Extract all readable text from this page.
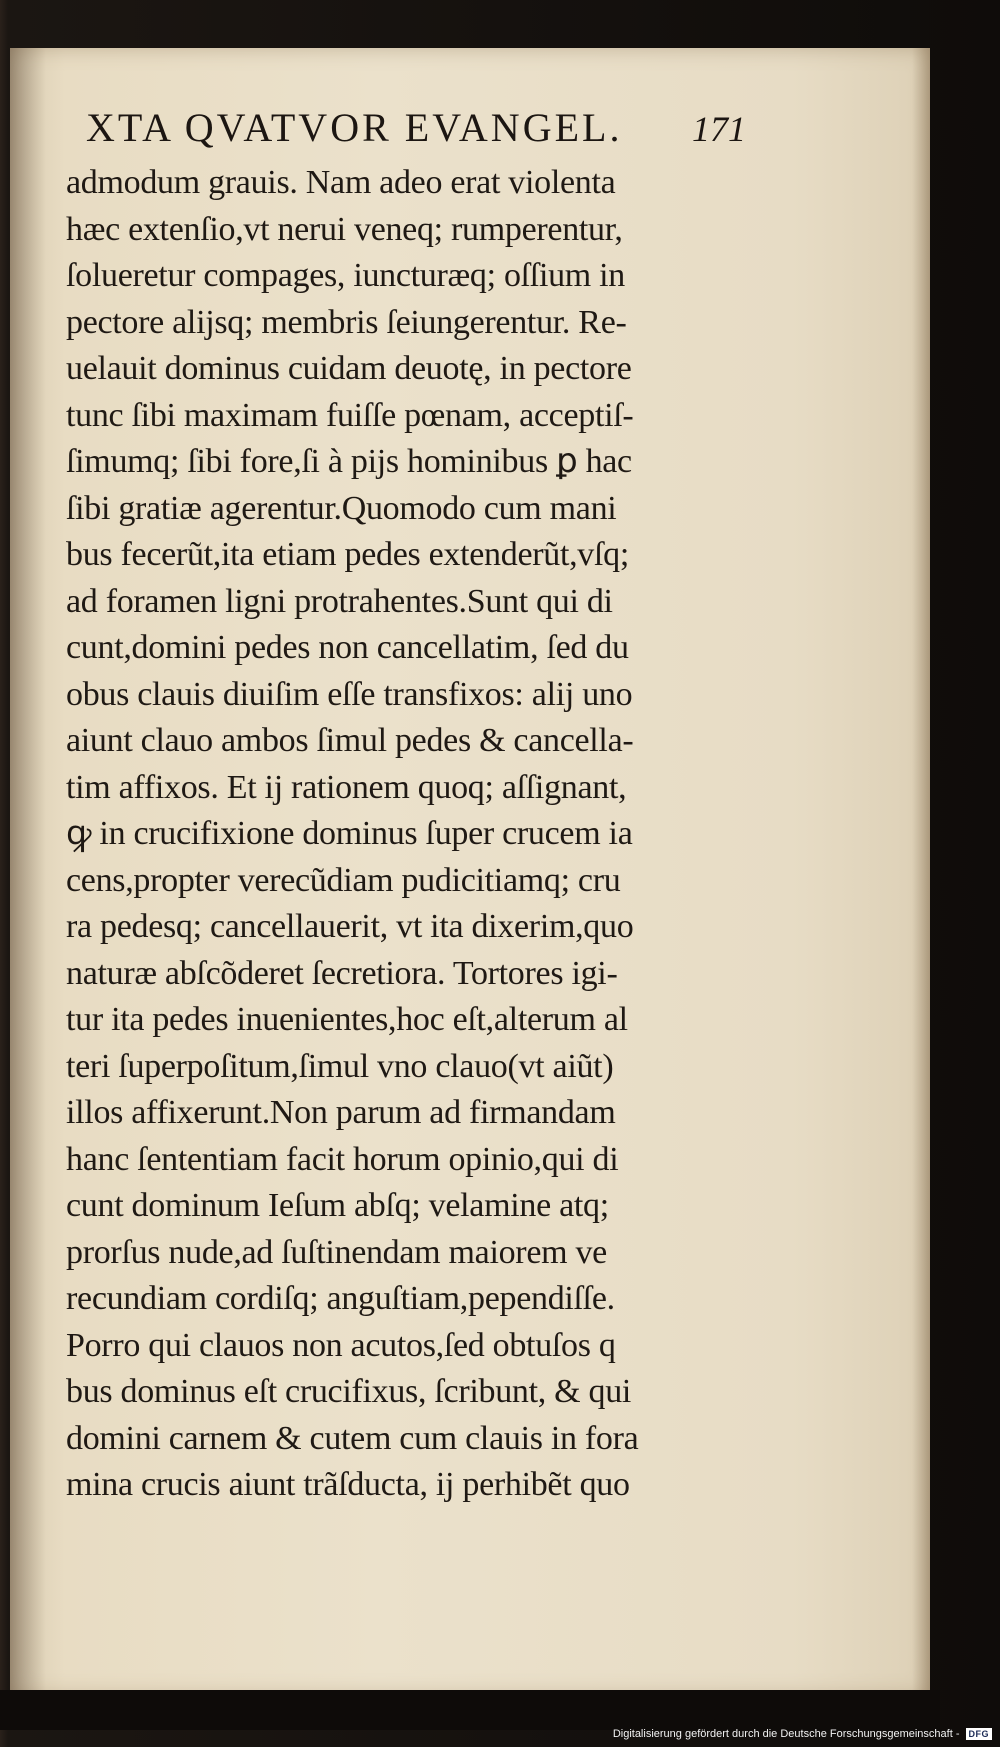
XTA QVATVOR EVANGEL. 171
admodum grauis. Nam adeo erat violenta
hæc extenſio,vt nerui veneq; rumperentur,
ſolueretur compages, iuncturæq; oſſium in
pectore alijsq; membris ſeiungerentur. Re-
uelauit dominus cuidam deuotę, in pectore
tunc ſibi maximam fuiſſe pœnam, acceptiſ-
ſimumq; ſibi fore,ſi à pijs hominibus ꝑ hac
ſibi gratiæ agerentur.Quomodo cum mani
bus fecerũt,ita etiam pedes extenderũt,vſq;
ad foramen ligni protrahentes.Sunt qui di
cunt,domini pedes non cancellatim, ſed du
obus clauis diuiſim eſſe transfixos: alij uno
aiunt clauo ambos ſimul pedes & cancella-
tim affixos. Et ij rationem quoq; aſſignant,
ꝙ in crucifixione dominus ſuper crucem ia
cens,propter verecũdiam pudicitiamq; cru
ra pedesq; cancellauerit, vt ita dixerim,quo
naturæ abſcõderet ſecretiora. Tortores igi-
tur ita pedes inuenientes,hoc eſt,alterum al
teri ſuperpoſitum,ſimul vno clauo(vt aiũt)
illos affixerunt.Non parum ad firmandam
hanc ſententiam facit horum opinio,qui di
cunt dominum Ieſum abſq; velamine atq;
prorſus nude,ad ſuſtinendam maiorem ve
recundiam cordiſq; anguſtiam,pependiſſe.
Porro qui clauos non acutos,ſed obtuſos q
bus dominus eſt crucifixus, ſcribunt, & qui
domini carnem & cutem cum clauis in fora
mina crucis aiunt trãſducta, ij perhibẽt quo
Digitalisierung gefördert durch die Deutsche Forschungsgemeinschaft -	DFG
